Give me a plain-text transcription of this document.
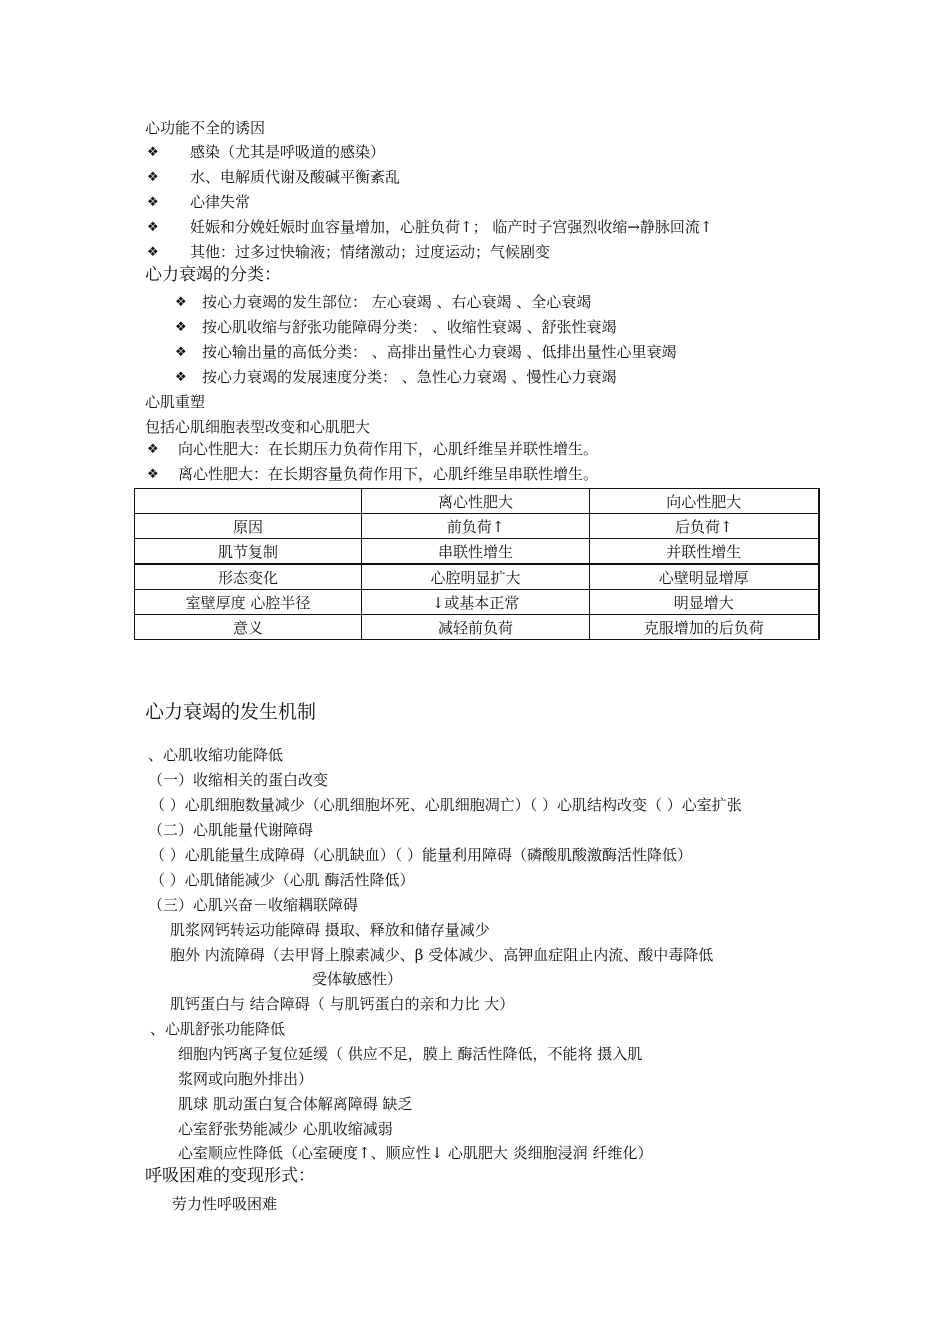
心功能不全的诱因
❖ 感染（尤其是呼吸道的感染）
❖ 水、电解质代谢及酸碱平衡紊乱
❖ 心律失常
❖ 妊娠和分娩妊娠时血容量增加，心脏负荷↑； 临产时子宫强烈收缩→静脉回流↑
❖ 其他：过多过快输液；情绪激动；过度运动；气候剧变
心力衰竭的分类：
❖ 按心力衰竭的发生部位： 左心衰竭 、右心衰竭 、全心衰竭
❖ 按心肌收缩与舒张功能障碍分类： 、收缩性衰竭 、舒张性衰竭
❖ 按心输出量的高低分类： 、高排出量性心力衰竭 、低排出量性心里衰竭
❖ 按心力衰竭的发展速度分类： 、急性心力衰竭 、慢性心力衰竭
心肌重塑
包括心肌细胞表型改变和心肌肥大
❖ 向心性肥大：在长期压力负荷作用下，心肌纤维呈并联性增生。
❖ 离心性肥大：在长期容量负荷作用下，心肌纤维呈串联性增生。
	离心性肥大	向心性肥大
原因	前负荷↑	后负荷↑
肌节复制	串联性增生	并联性增生
形态变化	心腔明显扩大	心壁明显增厚
室壁厚度 心腔半径	↓或基本正常	明显增大
意义	减轻前负荷	克服增加的后负荷
心力衰竭的发生机制
、心肌收缩功能降低
（一）收缩相关的蛋白改变
（ ）心肌细胞数量减少（心肌细胞坏死、心肌细胞凋亡）（ ）心肌结构改变（ ）心室扩张
（二）心肌能量代谢障碍
（ ）心肌能量生成障碍（心肌缺血）（ ）能量利用障碍（磷酸肌酸激酶活性降低）
（ ）心肌储能减少（心肌 酶活性降低）
（三）心肌兴奋－收缩耦联障碍
肌浆网钙转运功能障碍 摄取、释放和储存量减少
胞外 内流障碍（去甲肾上腺素减少、β 受体减少、高钾血症阻止内流、酸中毒降低
受体敏感性）
肌钙蛋白与 结合障碍（ 与肌钙蛋白的亲和力比 大）
、心肌舒张功能降低
细胞内钙离子复位延缓（ 供应不足，膜上 酶活性降低，不能将 摄入肌
浆网或向胞外排出）
肌球 肌动蛋白复合体解离障碍 缺乏
心室舒张势能减少 心肌收缩减弱
心室顺应性降低（心室硬度↑、顺应性↓ 心肌肥大 炎细胞浸润 纤维化）
呼吸困难的变现形式：
劳力性呼吸困难
